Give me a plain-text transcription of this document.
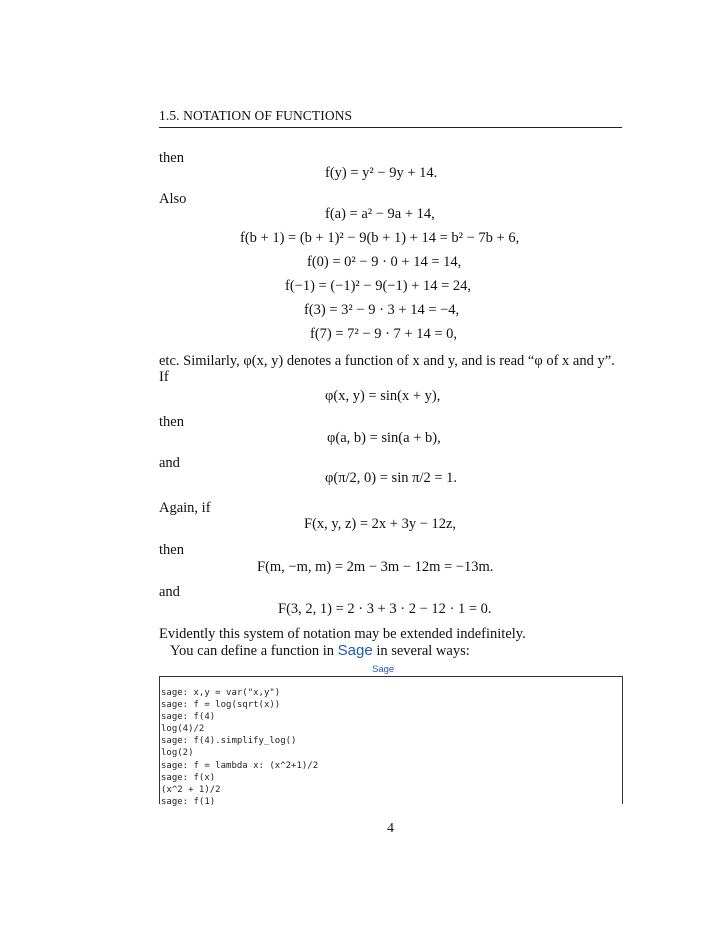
1.5. NOTATION OF FUNCTIONS
then
f(y) = y² − 9y + 14.
Also
f(a) = a² − 9a + 14,
f(b + 1) = (b + 1)² − 9(b + 1) + 14 = b² − 7b + 6,
f(0) = 0² − 9 · 0 + 14 = 14,
f(−1) = (−1)² − 9(−1) + 14 = 24,
f(3) = 3² − 9 · 3 + 14 = −4,
f(7) = 7² − 9 · 7 + 14 = 0,
etc. Similarly, φ(x, y) denotes a function of x and y, and is read “φ of x and y”.
If
φ(x, y) = sin(x + y),
then
φ(a, b) = sin(a + b),
and
φ(π/2, 0) = sin π/2 = 1.
Again, if
F(x, y, z) = 2x + 3y − 12z,
then
F(m, −m, m) = 2m − 3m − 12m = −13m.
and
F(3, 2, 1) = 2 · 3 + 3 · 2 − 12 · 1 = 0.
Evidently this system of notation may be extended indefinitely.
You can define a function in Sage in several ways:
Sage
sage: x,y = var("x,y")
sage: f = log(sqrt(x))
sage: f(4)
log(4)/2
sage: f(4).simplify_log()
log(2)
sage: f = lambda x: (x^2+1)/2
sage: f(x)
(x^2 + 1)/2
sage: f(1)
4
